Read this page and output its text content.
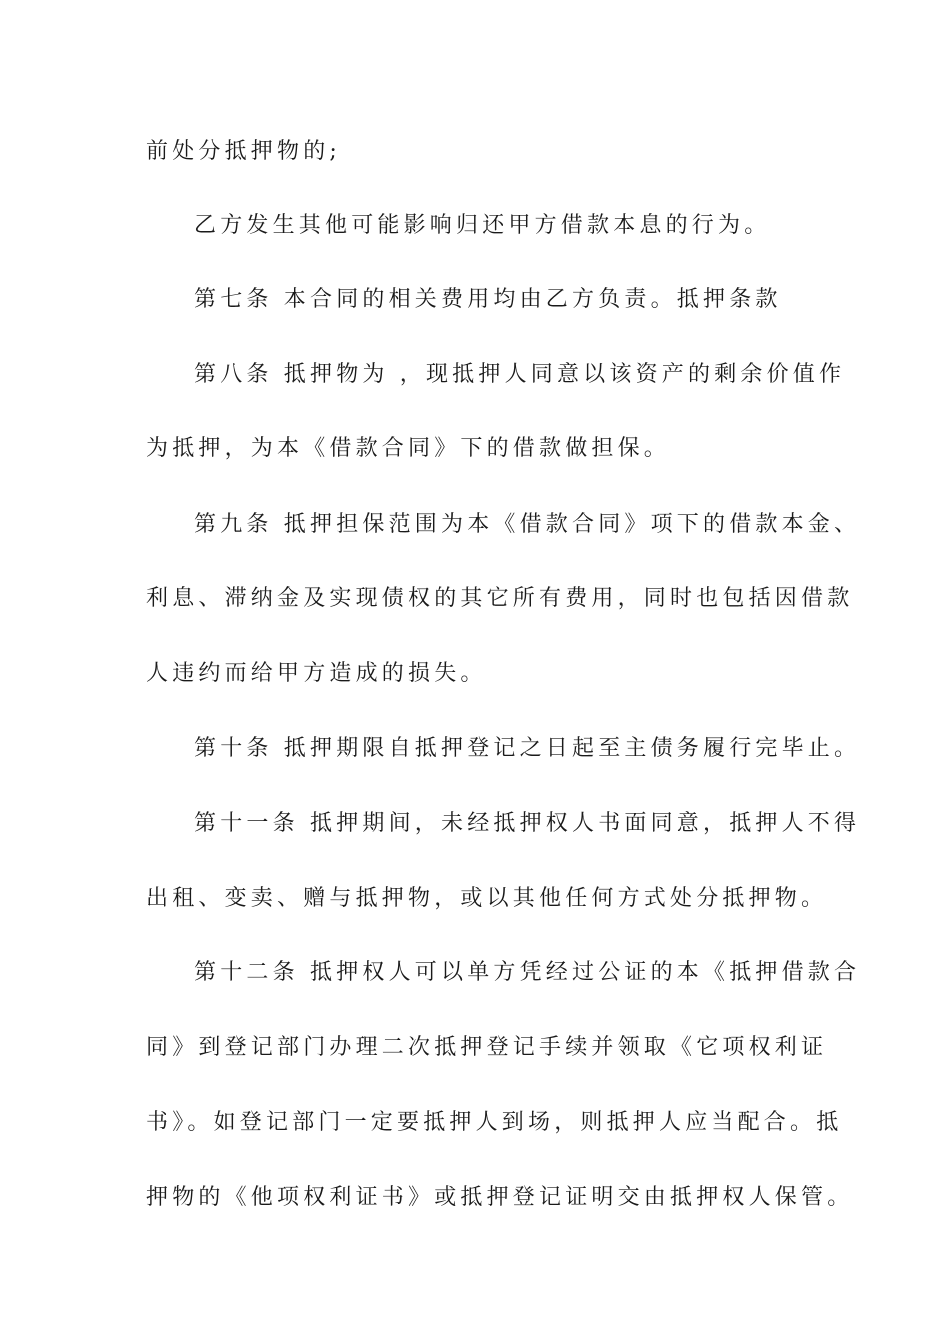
前处分抵押物的;
乙方发生其他可能影响归还甲方借款本息的行为。
第七条 本合同的相关费用均由乙方负责。抵押条款
第八条 抵押物为 ，现抵押人同意以该资产的剩余价值作
为抵押，为本《借款合同》下的借款做担保。
第九条 抵押担保范围为本《借款合同》项下的借款本金、
利息、滞纳金及实现债权的其它所有费用，同时也包括因借款
人违约而给甲方造成的损失。
第十条 抵押期限自抵押登记之日起至主债务履行完毕止。
第十一条 抵押期间，未经抵押权人书面同意，抵押人不得
出租、变卖、赠与抵押物，或以其他任何方式处分抵押物。
第十二条 抵押权人可以单方凭经过公证的本《抵押借款合
同》到登记部门办理二次抵押登记手续并领取《它项权利证
书》。如登记部门一定要抵押人到场，则抵押人应当配合。抵
押物的《他项权利证书》或抵押登记证明交由抵押权人保管。
